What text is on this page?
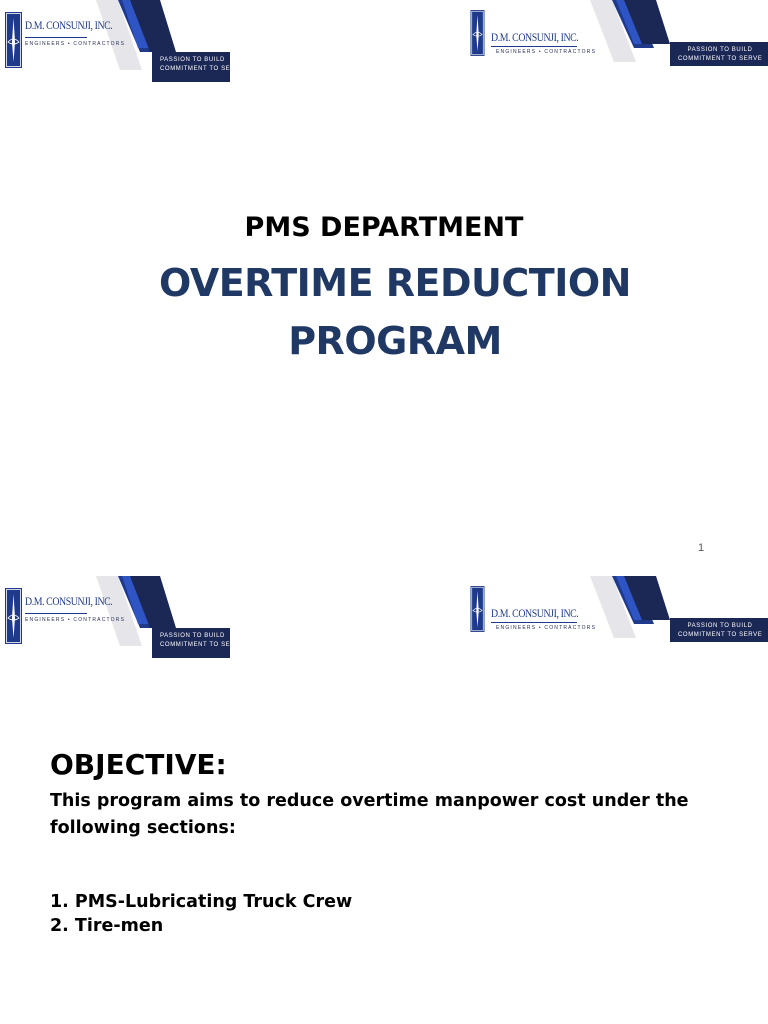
D.M. CONSUNJI, INC.
ENGINEERS • CONTRACTORS
PASSION TO BUILD
COMMITMENT TO SERVE
D.M. CONSUNJI, INC.
ENGINEERS • CONTRACTORS	PASSION TO BUILD
COMMITMENT TO SERVE
PMS DEPARTMENT
OVERTIME REDUCTION PROGRAM
1
D.M. CONSUNJI, INC.
ENGINEERS • CONTRACTORS
PASSION TO BUILD
COMMITMENT TO SERVE
D.M. CONSUNJI, INC.
ENGINEERS • CONTRACTORS	PASSION TO BUILD
COMMITMENT TO SERVE
OBJECTIVE:
This program aims to reduce overtime manpower cost under the following sections:
1. PMS-Lubricating Truck Crew
2. Tire-men
